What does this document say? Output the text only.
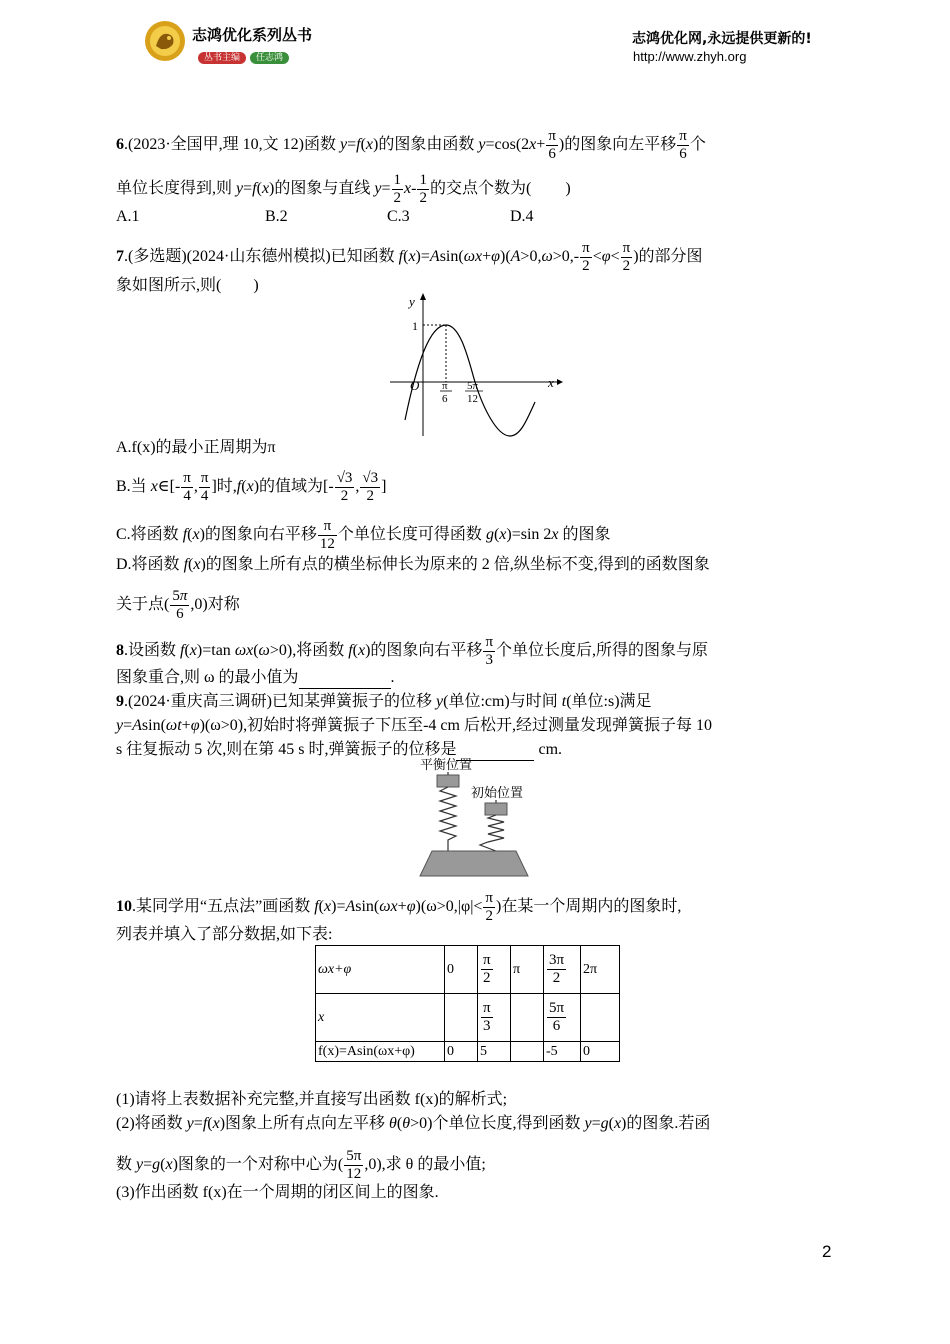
志鸿优化系列丛书
丛书主编 任志鸿
志鸿优化网,永远提供更新的!
http://www.zhyh.org
6.(2023·全国甲,理 10,文 12)函数 y=f(x)的图象由函数 $y=\cos(2x+ \frac{\pi}{6}$ )的图象向左平移 $\frac{\pi}{6}$ 个
单位长度得到,则 y=f(x)的图象与直线 $y= \frac{1}{2} x- \frac{1}{2}$ 的交点个数为( )
A.1	B.2	C.3	D.4
7.(多选题)(2024·山东德州模拟)已知函数 $f(x)=Asin(\omega x+\varphi)(A>0,\omega>0,- \frac{\pi}{2} <\varphi< \frac{\pi}{2}$ )的部分图
象如图所示,则(　　)
y
x
O
1
π
6
5π
12
A.f(x)的最小正周期为π
B.当 x∈[- $\frac{\pi}{4}$ , $\frac{\pi}{4}$ ]时,f(x)的值域为[- $\frac{√3}{2}$ , $\frac{√3}{2}$ ]
C.将函数 f(x)的图象向右平移 $\frac{\pi}{12}$ 个单位长度可得函数 g(x)=sin 2x 的图象
D.将函数 f(x)的图象上所有点的横坐标伸长为原来的 2 倍,纵坐标不变,得到的函数图象
关于点( $\frac{5\pi}{6} ,0$)对称
8.设函数 f(x)=tan ωx(ω>0),将函数 f(x)的图象向右平移 $\frac{\pi}{3}$ 个单位长度后,所得的图象与原
图象重合,则 ω 的最小值为	.
9.(2024·重庆高三调研)已知某弹簧振子的位移 y(单位:cm)与时间 t(单位:s)满足
y=Asin(ωt+φ)(ω>0),初始时将弹簧振子下压至-4 cm 后松开,经过测量发现弹簧振子每 10
s 往复振动 5 次,则在第 45 s 时,弹簧振子的位移是	cm.
平衡位置
初始位置
10.某同学用“五点法”画函数 $f(x)=Asin(\omega x+\varphi)(\omega>0,|\varphi|< \frac{\pi}{2}$ )在某一个周期内的图象时,
列表并填入了部分数据,如下表:
ωx+φ	0	$\frac{\pi}{2}$	π	$\frac{3\pi}{2}$	2π
x		$\frac{\pi}{3}$		$\frac{5\pi}{6}$

f(x)=Asin(ωx+φ)	0	5		-5	0
(1)请将上表数据补充完整,并直接写出函数 f(x)的解析式;
(2)将函数 y=f(x)图象上所有点向左平移 θ(θ>0)个单位长度,得到函数 y=g(x)的图象.若函
数 y=g(x)图象的一个对称中心为( $\frac{5\pi}{12} ,0$),求 θ 的最小值;
(3)作出函数 f(x)在一个周期的闭区间上的图象.
2
